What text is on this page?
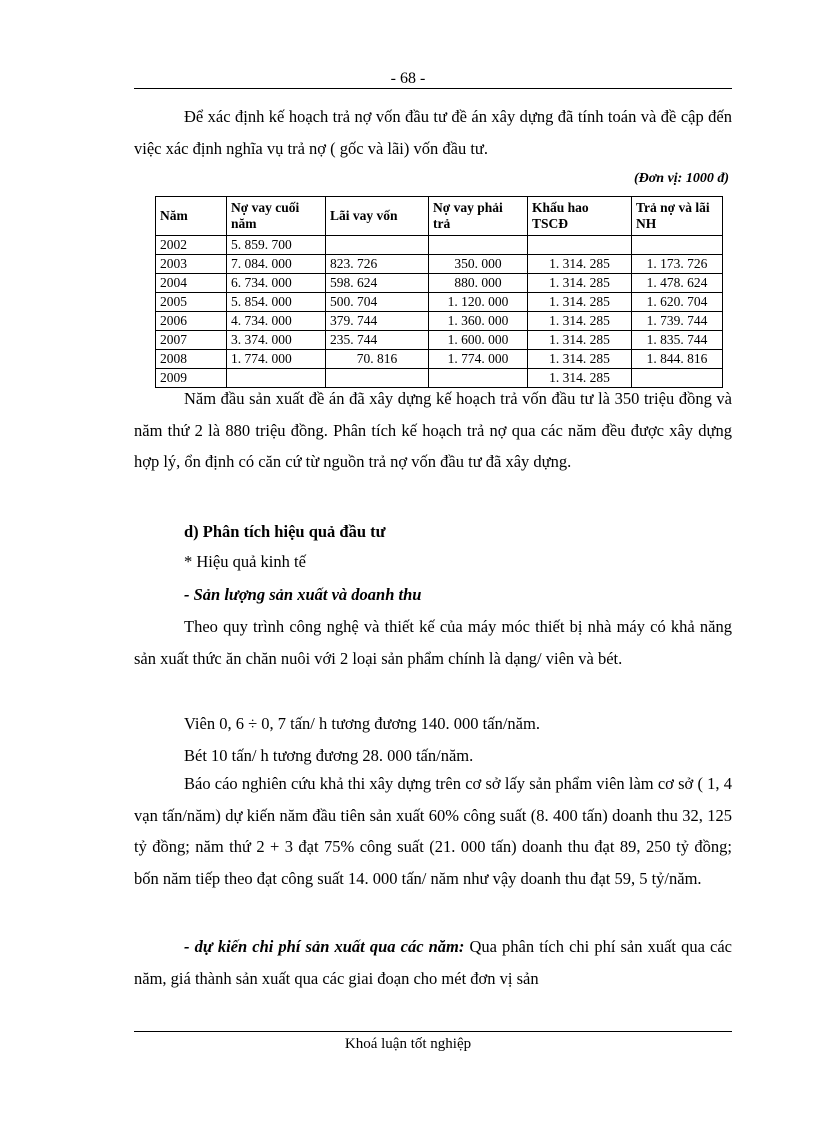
- 68 -

Để xác định kế hoạch trả nợ vốn đầu tư đề án xây dựng đã tính toán và đề cập đến việc xác định nghĩa vụ trả nợ ( gốc và lãi) vốn đầu tư.

(Đơn vị: 1000 đ)
Năm	Nợ vay cuối năm	Lãi vay vốn	Nợ vay phải trả	Khấu hao TSCĐ	Trả nợ và lãi NH
2002	5. 859. 700				
2003	7. 084. 000	823. 726	350. 000	1. 314. 285	1. 173. 726
2004	6. 734. 000	598. 624	880. 000	1. 314. 285	1. 478. 624
2005	5. 854. 000	500. 704	1. 120. 000	1. 314. 285	1. 620. 704
2006	4. 734. 000	379. 744	1. 360. 000	1. 314. 285	1. 739. 744
2007	3. 374. 000	235. 744	1. 600. 000	1. 314. 285	1. 835. 744
2008	1. 774. 000	70. 816	1. 774. 000	1. 314. 285	1. 844. 816
2009				1. 314. 285	

Năm đầu sản xuất đề án đã xây dựng kế hoạch trả vốn đầu tư là 350 triệu đồng và năm thứ 2 là 880 triệu đồng. Phân tích kế hoạch trả nợ qua các năm đều được xây dựng hợp lý, ổn định có căn cứ từ nguồn trả nợ vốn đầu tư đã xây dựng.

d) Phân tích hiệu quả đầu tư

* Hiệu quả kinh tế

- Sản lượng sản xuất và doanh thu

Theo quy trình công nghệ và thiết kế của máy móc thiết bị nhà máy có khả năng sản xuất thức ăn chăn nuôi với 2 loại sản phẩm chính là dạng/ viên và bét.

Viên 0, 6 ÷ 0, 7 tấn/ h tương đương 140. 000 tấn/năm.

Bét 10 tấn/ h tương đương 28. 000 tấn/năm.

Báo cáo nghiên cứu khả thi xây dựng trên cơ sở lấy sản phẩm viên làm cơ sở ( 1, 4 vạn tấn/năm) dự kiến năm đầu tiên sản xuất 60% công suất (8. 400 tấn) doanh thu 32, 125 tỷ đồng; năm thứ 2 + 3 đạt 75% công suất (21. 000 tấn) doanh thu đạt 89, 250 tỷ đồng; bốn năm tiếp theo đạt công suất 14. 000 tấn/ năm như vậy doanh thu đạt 59, 5 tỷ/năm.

- dự kiến chi phí sản xuất qua các năm: Qua phân tích chi phí sản xuất qua các năm, giá thành sản xuất qua các giai đoạn cho mét đơn vị sản

Khoá luận tốt nghiệp
